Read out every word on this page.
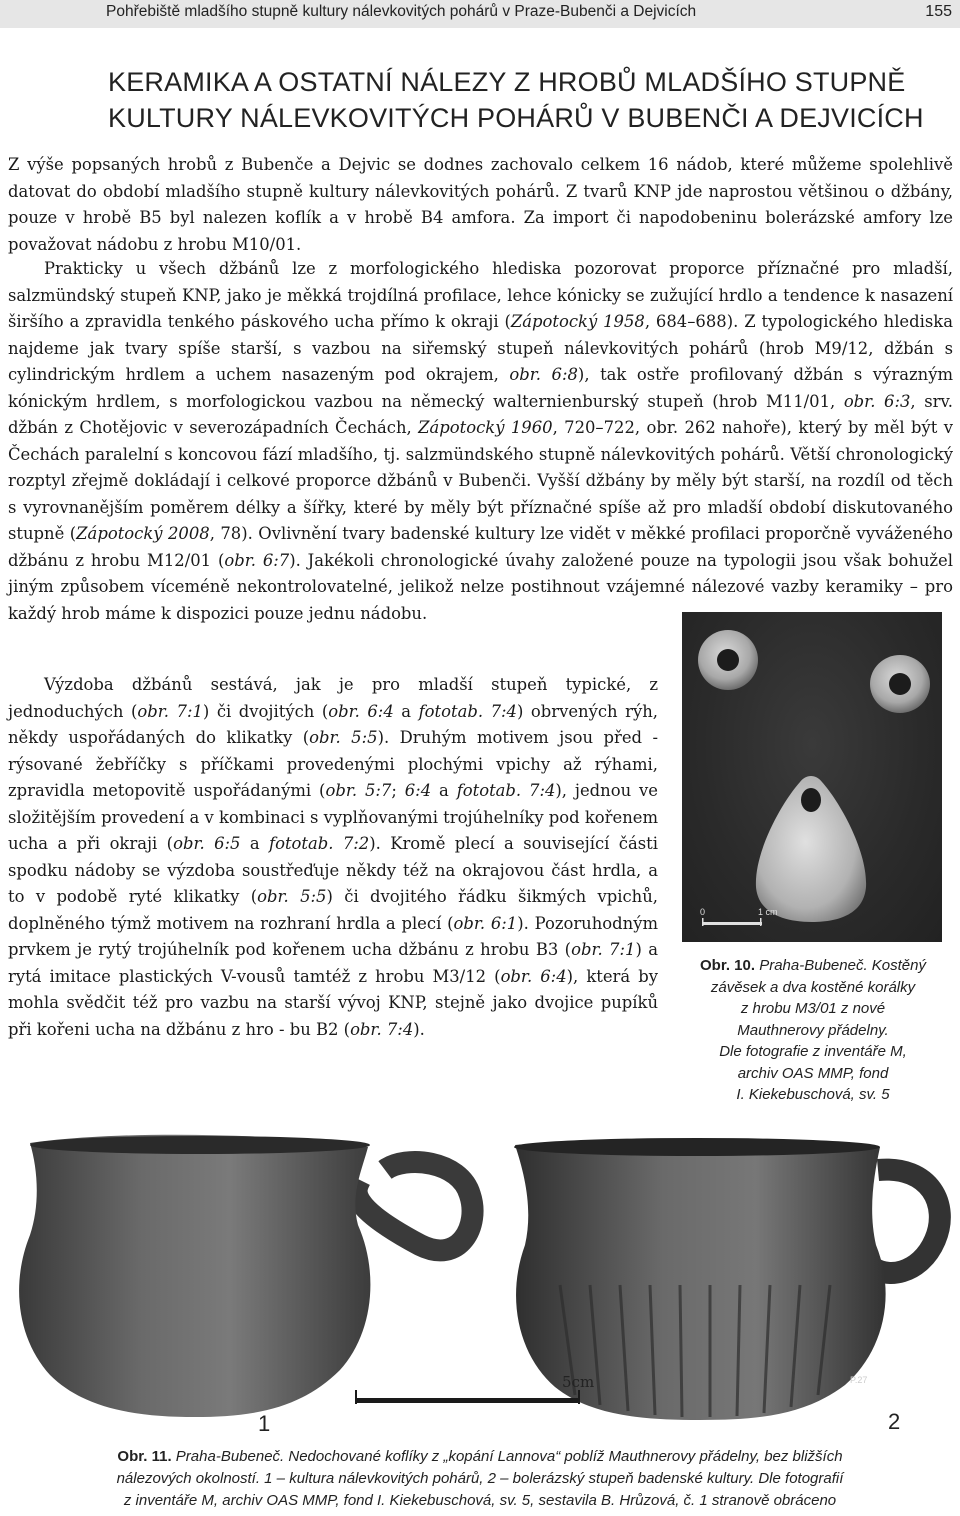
Pohřebiště mladšího stupně kultury nálevkovitých pohárů v Praze-Bubenči a Dejvicích	155
KERAMIKA A OSTATNÍ NÁLEZY Z HROBŮ MLADŠÍHO STUPNĚ
KULTURY NÁLEVKOVITÝCH POHÁRŮ V BUBENČI A DEJVICÍCH

Z výše popsaných hrobů z Bubenče a Dejvic se dodnes zachovalo celkem 16 nádob, které můžeme spolehlivě datovat do období mladšího stupně kultury nálevkovitých pohárů. Z tvarů KNP jde naprostou většinou o džbány, pouze v hrobě B5 byl nalezen koflík a v hrobě B4 amfora. Za import či napodobeninu bolerázské amfory lze považovat nádobu z hrobu M10/01.

Prakticky u všech džbánů lze z morfologického hlediska pozorovat proporce příznačné pro mladší, salzmündský stupeň KNP, jako je měkká trojdílná profilace, lehce kónicky se zužující hrdlo a tendence k nasazení širšího a zpravidla tenkého páskového ucha přímo k okraji (Zápotocký 1958, 684–688). Z typologického hlediska najdeme jak tvary spíše starší, s vazbou na siřemský stupeň nálevkovitých pohárů (hrob M9/12, džbán s cylindrickým hrdlem a uchem nasazeným pod okrajem, obr. 6:8), tak ostře profilovaný džbán s výrazným kónickým hrdlem, s morfologickou vazbou na německý walternienburský stupeň (hrob M11/01, obr. 6:3, srv. džbán z Chotějovic v severozápadních Čechách, Zápotocký 1960, 720–722, obr. 262 nahoře), který by měl být v Čechách paralelní s koncovou fází mladšího, tj. salzmündského stupně nálevkovitých pohárů. Větší chronologický rozptyl zřejmě dokládají i celkové proporce džbánů v Bubenči. Vyšší džbány by měly být starší, na rozdíl od těch s vyrovnanějším poměrem délky a šířky, které by měly být příznačné spíše až pro mladší období diskutovaného stupně (Zápotocký 2008, 78). Ovlivnění tvary badenské kultury lze vidět v měkké profilaci proporčně vyváženého džbánu z hrobu M12/01 (obr. 6:7). Jakékoli chronologické úvahy založené pouze na typologii jsou však bohužel jiným způsobem víceméně nekontrolovatelné, jelikož nelze postihnout vzájemné nálezové vazby keramiky – pro každý hrob máme k dispozici pouze jednu nádobu.

Výzdoba džbánů sestává, jak je pro mladší stupeň typické, z jednoduchých (obr. 7:1) či dvojitých (obr. 6:4 a fototab. 7:4) obrvených rýh, někdy uspořádaných do klikatky (obr. 5:5). Druhým motivem jsou před - rýsované žebříčky s příčkami provedenými plochými vpichy až rýhami, zpravidla metopovitě uspořádanými (obr. 5:7; 6:4 a fototab. 7:4), jednou ve složitějším provedení a v kombinaci s vyplňovanými trojúhelníky pod kořenem ucha a při okraji (obr. 6:5 a fototab. 7:2). Kromě plecí a související části spodku nádoby se výzdoba soustřeďuje někdy též na okrajovou část hrdla, a to v podobě ryté klikatky (obr. 5:5) či dvojitého řádku šikmých vpichů, doplněného týmž motivem na rozhraní hrdla a plecí (obr. 6:1). Pozoruhodným prvkem je rytý trojúhelník pod kořenem ucha džbánu z hrobu B3 (obr. 7:1) a rytá imitace plastických V-vousů tamtéž z hrobu M3/12 (obr. 6:4), která by mohla svědčit též pro vazbu na starší vývoj KNP, stejně jako dvojice pupíků při kořeni ucha na džbánu z hro - bu B2 (obr. 7:4).

0	1 cm
Obr. 10. Praha-Bubeneč. Kostěný
závěsek a dva kostěné korálky
z hrobu M3/01 z nové
Mauthnerovy přádelny.
Dle fotografie z inventáře M,
archiv OAS MMP, fond
I. Kiekebuschová, sv. 5
5cm	P.27
1	2
Obr. 11. Praha-Bubeneč. Nedochované koflíky z „kopání Lannova“ poblíž Mauthnerovy přádelny, bez bližších
nálezových okolností. 1 – kultura nálevkovitých pohárů, 2 – bolerázský stupeň badenské kultury. Dle fotografií
z inventáře M, archiv OAS MMP, fond I. Kiekebuschová, sv. 5, sestavila B. Hrůzová, č. 1 stranově obráceno
